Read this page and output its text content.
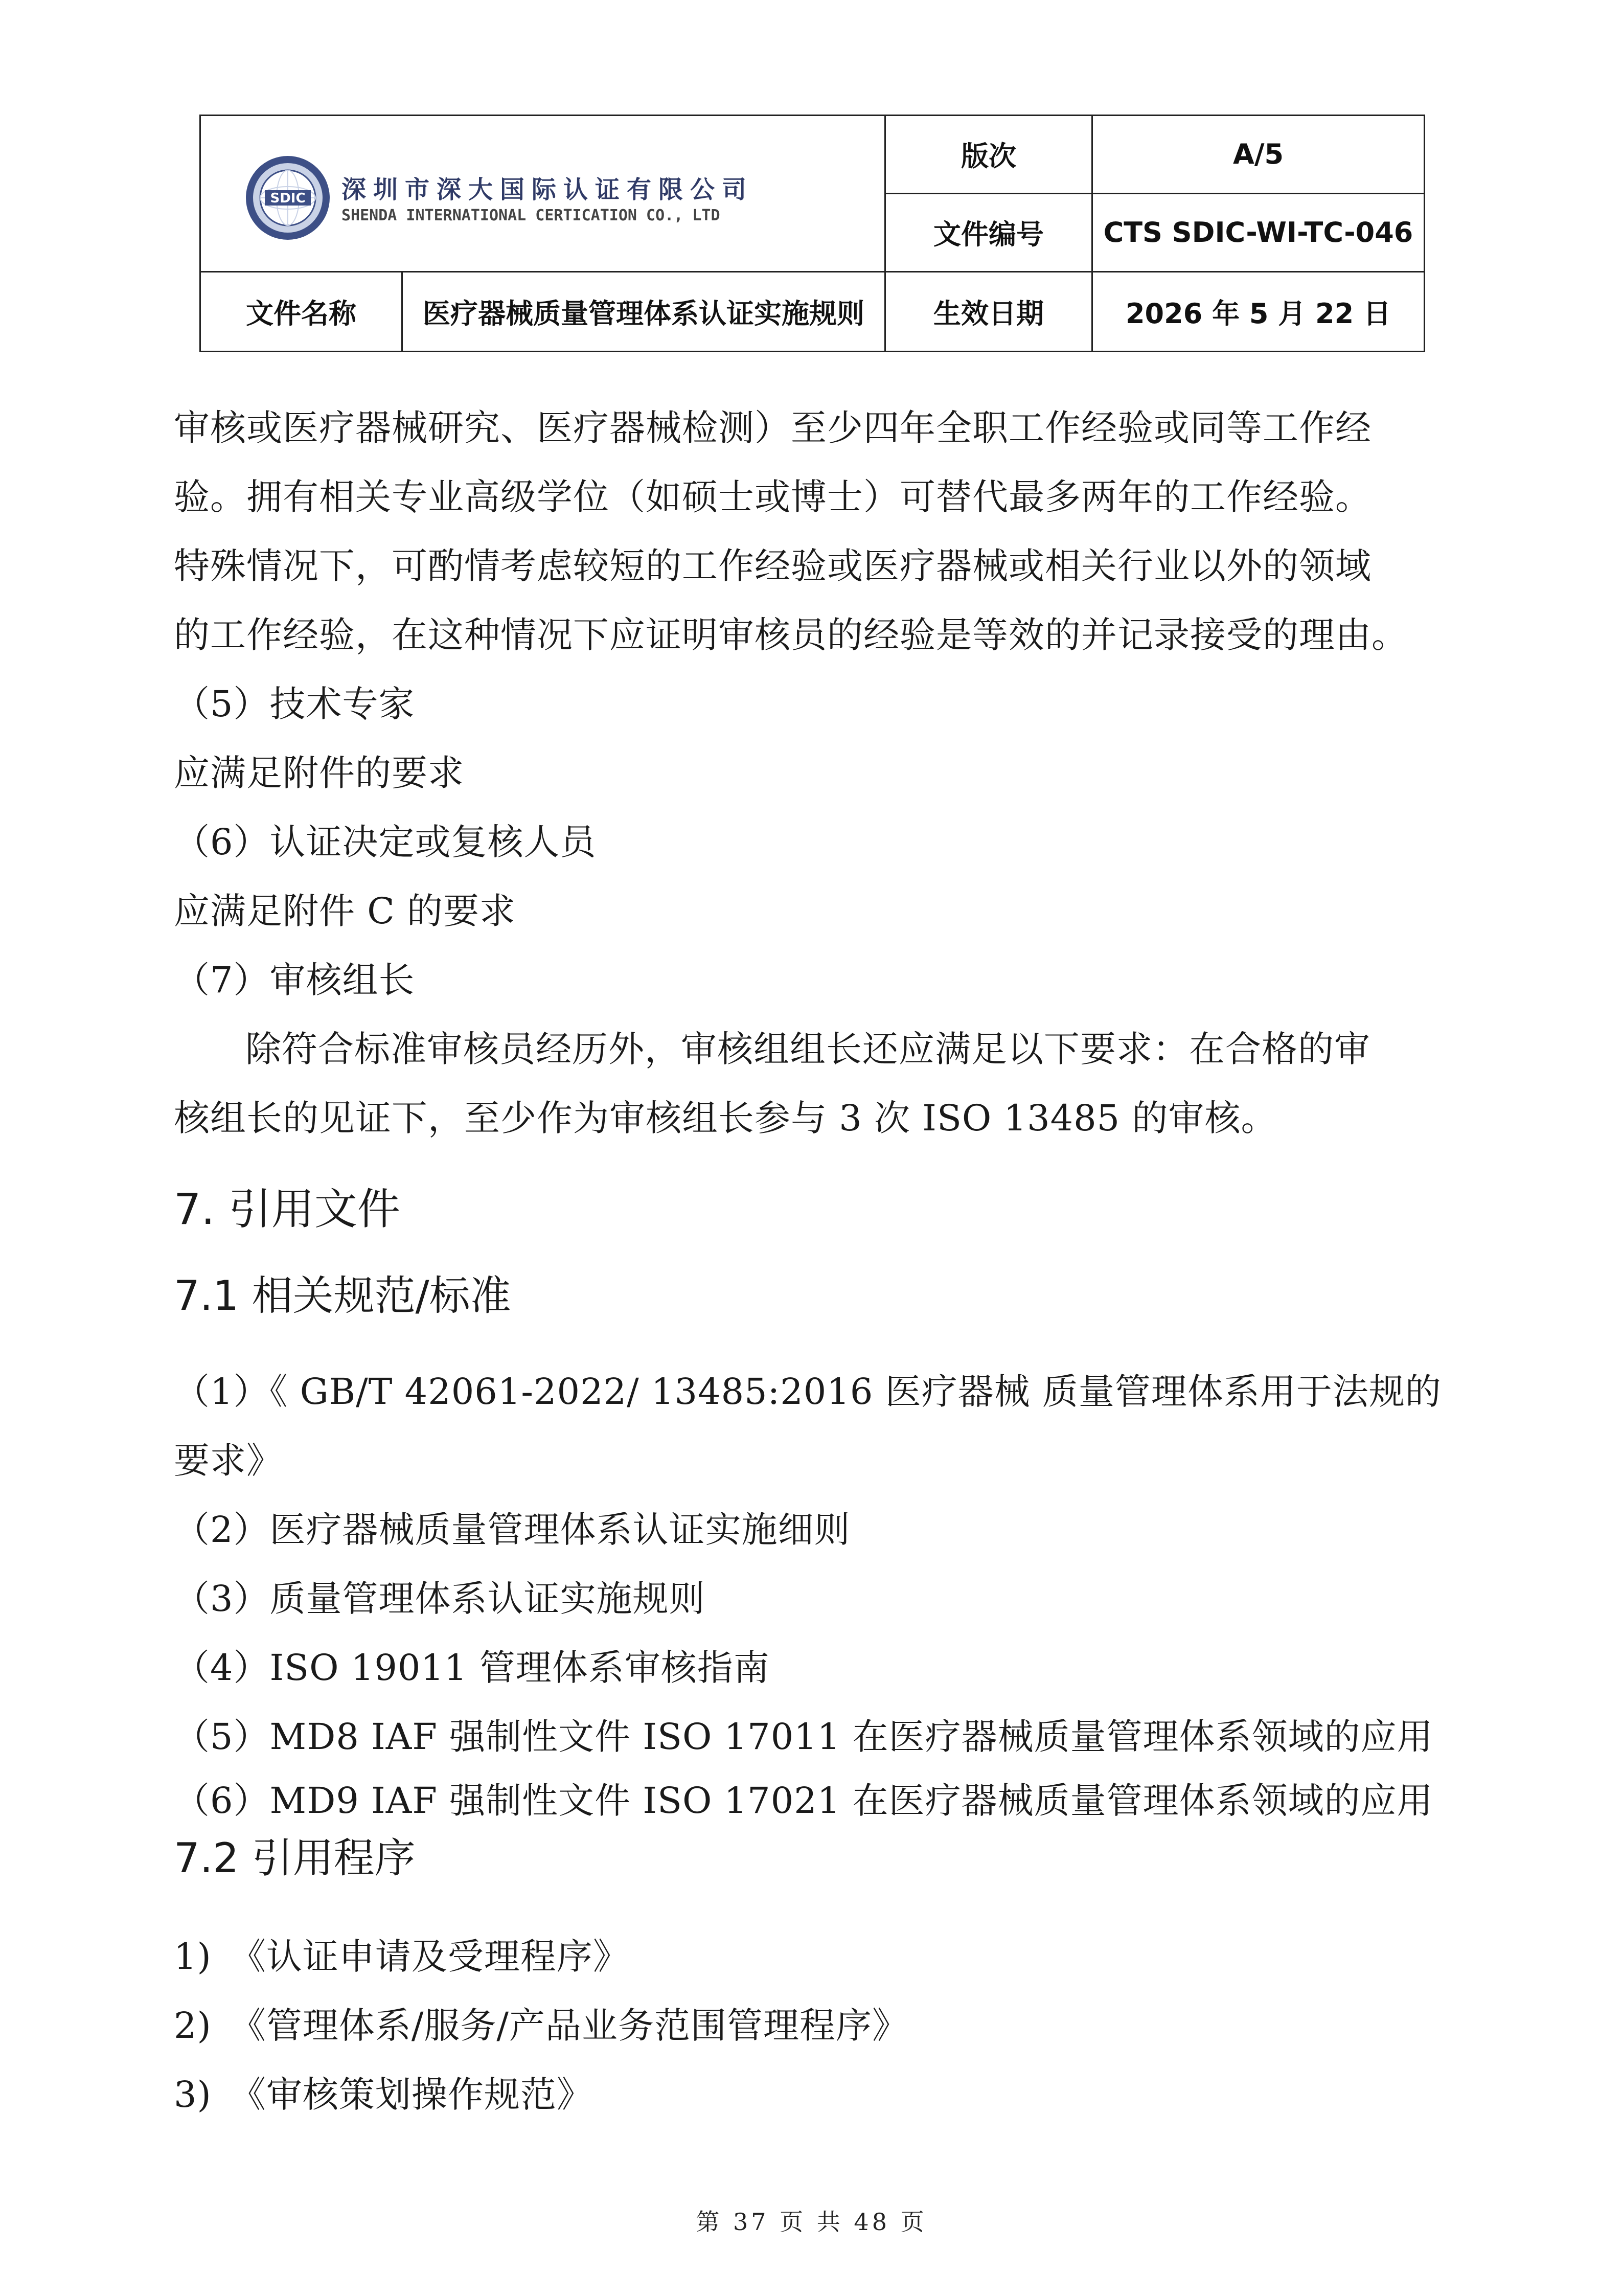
SDIC 深圳市深大国际认证有限公司
SHENDA INTERNATIONAL CERTICATION CO., LTD		版次	A/5
		文件编号	CTS SDIC-WI-TC-046
文件名称	医疗器械质量管理体系认证实施规则	生效日期	2026 年 5 月 22 日

审核或医疗器械研究、医疗器械检测）至少四年全职工作经验或同等工作经

验。拥有相关专业高级学位（如硕士或博士）可替代最多两年的工作经验。

特殊情况下，可酌情考虑较短的工作经验或医疗器械或相关行业以外的领域

的工作经验，在这种情况下应证明审核员的经验是等效的并记录接受的理由。

（5）技术专家

应满足附件的要求

（6）认证决定或复核人员

应满足附件 C 的要求

（7）审核组长

除符合标准审核员经历外，审核组组长还应满足以下要求：在合格的审

核组长的见证下，至少作为审核组长参与 3 次 ISO 13485 的审核。

7. 引用文件
7.1 相关规范/标准

（1）《 GB/T 42061-2022/ 13485:2016 医疗器械 质量管理体系用于法规的

要求》

（2）医疗器械质量管理体系认证实施细则

（3）质量管理体系认证实施规则

（4）ISO 19011 管理体系审核指南

（5）MD8 IAF 强制性文件 ISO 17011 在医疗器械质量管理体系领域的应用

（6）MD9 IAF 强制性文件 ISO 17021 在医疗器械质量管理体系领域的应用

7.2 引用程序

1)　《认证申请及受理程序》

2)　《管理体系/服务/产品业务范围管理程序》

3)　《审核策划操作规范》

第 37 页 共 48 页
